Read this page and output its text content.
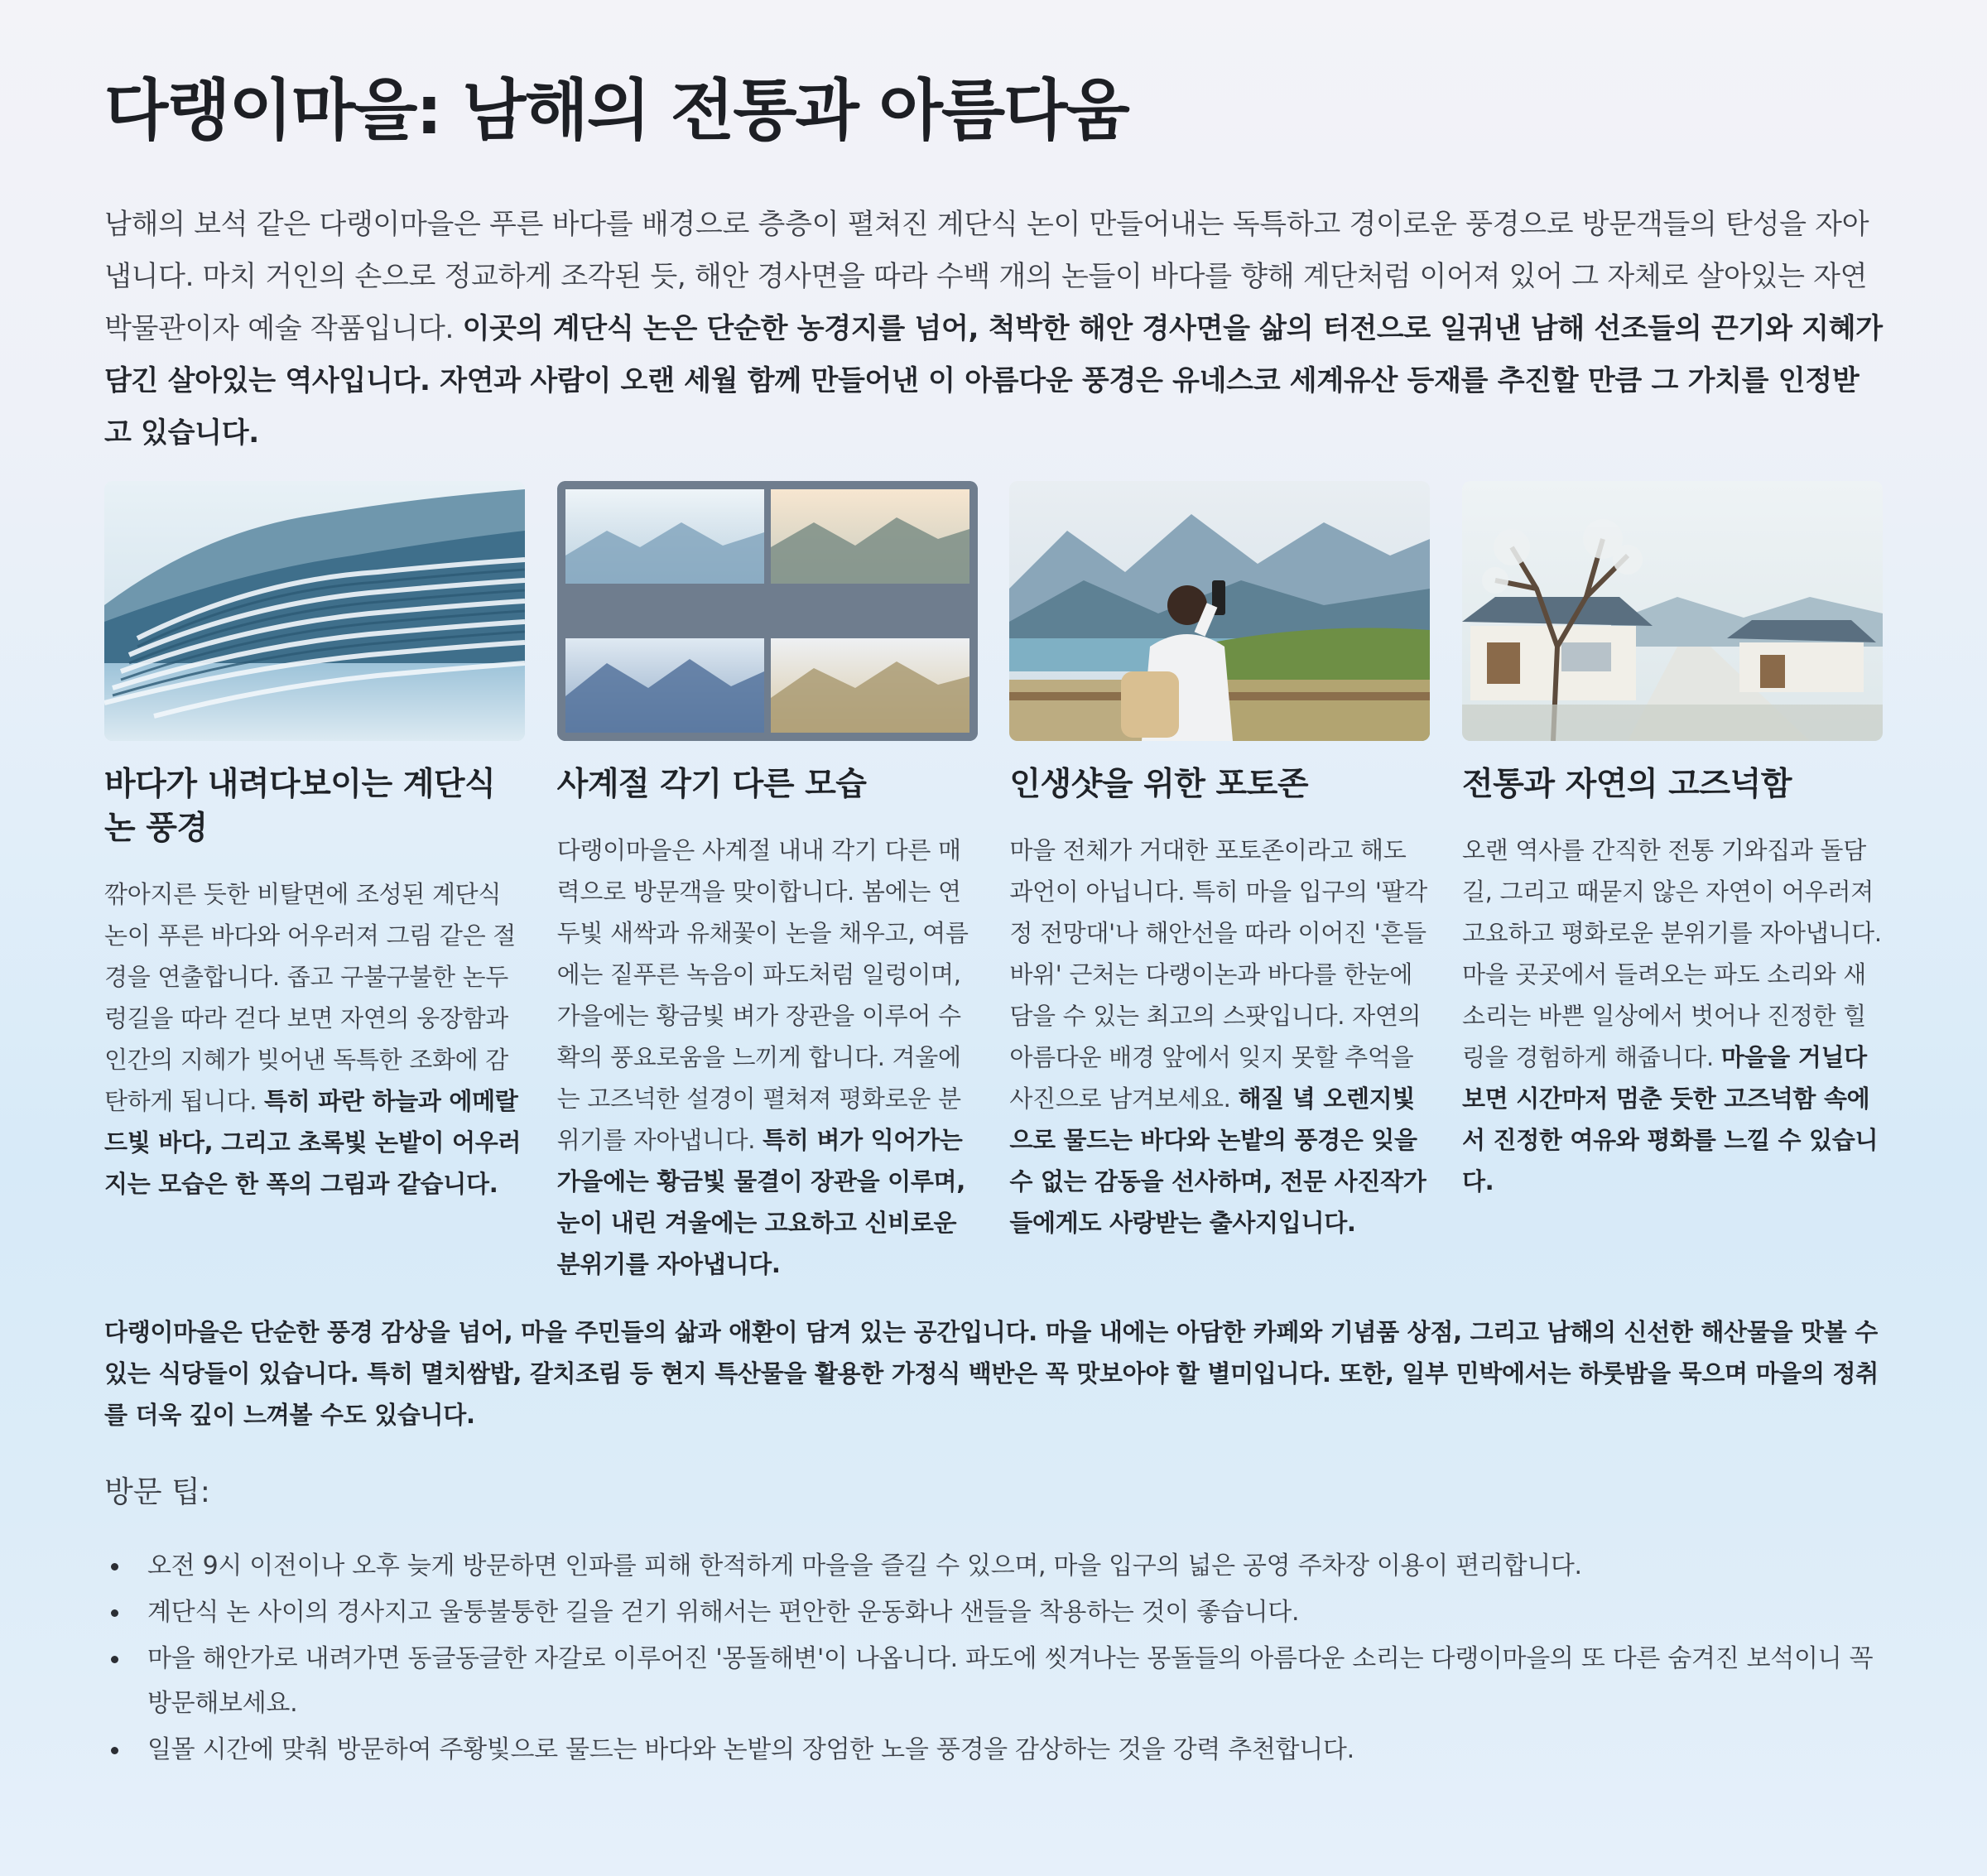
다랭이마을: 남해의 전통과 아름다움

남해의 보석 같은 다랭이마을은 푸른 바다를 배경으로 층층이 펼쳐진 계단식 논이 만들어내는 독특하고 경이로운 풍경으로 방문객들의 탄성을 자아냅니다. 마치 거인의 손으로 정교하게 조각된 듯, 해안 경사면을 따라 수백 개의 논들이 바다를 향해 계단처럼 이어져 있어 그 자체로 살아있는 자연 박물관이자 예술 작품입니다. 이곳의 계단식 논은 단순한 농경지를 넘어, 척박한 해안 경사면을 삶의 터전으로 일궈낸 남해 선조들의 끈기와 지혜가 담긴 살아있는 역사입니다. 자연과 사람이 오랜 세월 함께 만들어낸 이 아름다운 풍경은 유네스코 세계유산 등재를 추진할 만큼 그 가치를 인정받고 있습니다.

바다가 내려다보이는 계단식 논 풍경

깎아지른 듯한 비탈면에 조성된 계단식 논이 푸른 바다와 어우러져 그림 같은 절경을 연출합니다. 좁고 구불구불한 논두렁길을 따라 걷다 보면 자연의 웅장함과 인간의 지혜가 빚어낸 독특한 조화에 감탄하게 됩니다. 특히 파란 하늘과 에메랄드빛 바다, 그리고 초록빛 논밭이 어우러지는 모습은 한 폭의 그림과 같습니다.

사계절 각기 다른 모습

다랭이마을은 사계절 내내 각기 다른 매력으로 방문객을 맞이합니다. 봄에는 연두빛 새싹과 유채꽃이 논을 채우고, 여름에는 짙푸른 녹음이 파도처럼 일렁이며, 가을에는 황금빛 벼가 장관을 이루어 수확의 풍요로움을 느끼게 합니다. 겨울에는 고즈넉한 설경이 펼쳐져 평화로운 분위기를 자아냅니다. 특히 벼가 익어가는 가을에는 황금빛 물결이 장관을 이루며, 눈이 내린 겨울에는 고요하고 신비로운 분위기를 자아냅니다.

인생샷을 위한 포토존

마을 전체가 거대한 포토존이라고 해도 과언이 아닙니다. 특히 마을 입구의 '팔각정 전망대'나 해안선을 따라 이어진 '흔들바위' 근처는 다랭이논과 바다를 한눈에 담을 수 있는 최고의 스팟입니다. 자연의 아름다운 배경 앞에서 잊지 못할 추억을 사진으로 남겨보세요. 해질 녘 오렌지빛으로 물드는 바다와 논밭의 풍경은 잊을 수 없는 감동을 선사하며, 전문 사진작가들에게도 사랑받는 출사지입니다.

전통과 자연의 고즈넉함

오랜 역사를 간직한 전통 기와집과 돌담길, 그리고 때묻지 않은 자연이 어우러져 고요하고 평화로운 분위기를 자아냅니다. 마을 곳곳에서 들려오는 파도 소리와 새소리는 바쁜 일상에서 벗어나 진정한 힐링을 경험하게 해줍니다. 마을을 거닐다 보면 시간마저 멈춘 듯한 고즈넉함 속에서 진정한 여유와 평화를 느낄 수 있습니다.

다랭이마을은 단순한 풍경 감상을 넘어, 마을 주민들의 삶과 애환이 담겨 있는 공간입니다. 마을 내에는 아담한 카페와 기념품 상점, 그리고 남해의 신선한 해산물을 맛볼 수 있는 식당들이 있습니다. 특히 멸치쌈밥, 갈치조림 등 현지 특산물을 활용한 가정식 백반은 꼭 맛보아야 할 별미입니다. 또한, 일부 민박에서는 하룻밤을 묵으며 마을의 정취를 더욱 깊이 느껴볼 수도 있습니다.

방문 팁:
오전 9시 이전이나 오후 늦게 방문하면 인파를 피해 한적하게 마을을 즐길 수 있으며, 마을 입구의 넓은 공영 주차장 이용이 편리합니다.
계단식 논 사이의 경사지고 울퉁불퉁한 길을 걷기 위해서는 편안한 운동화나 샌들을 착용하는 것이 좋습니다.
마을 해안가로 내려가면 동글동글한 자갈로 이루어진 '몽돌해변'이 나옵니다. 파도에 씻겨나는 몽돌들의 아름다운 소리는 다랭이마을의 또 다른 숨겨진 보석이니 꼭 방문해보세요.
일몰 시간에 맞춰 방문하여 주황빛으로 물드는 바다와 논밭의 장엄한 노을 풍경을 감상하는 것을 강력 추천합니다.
